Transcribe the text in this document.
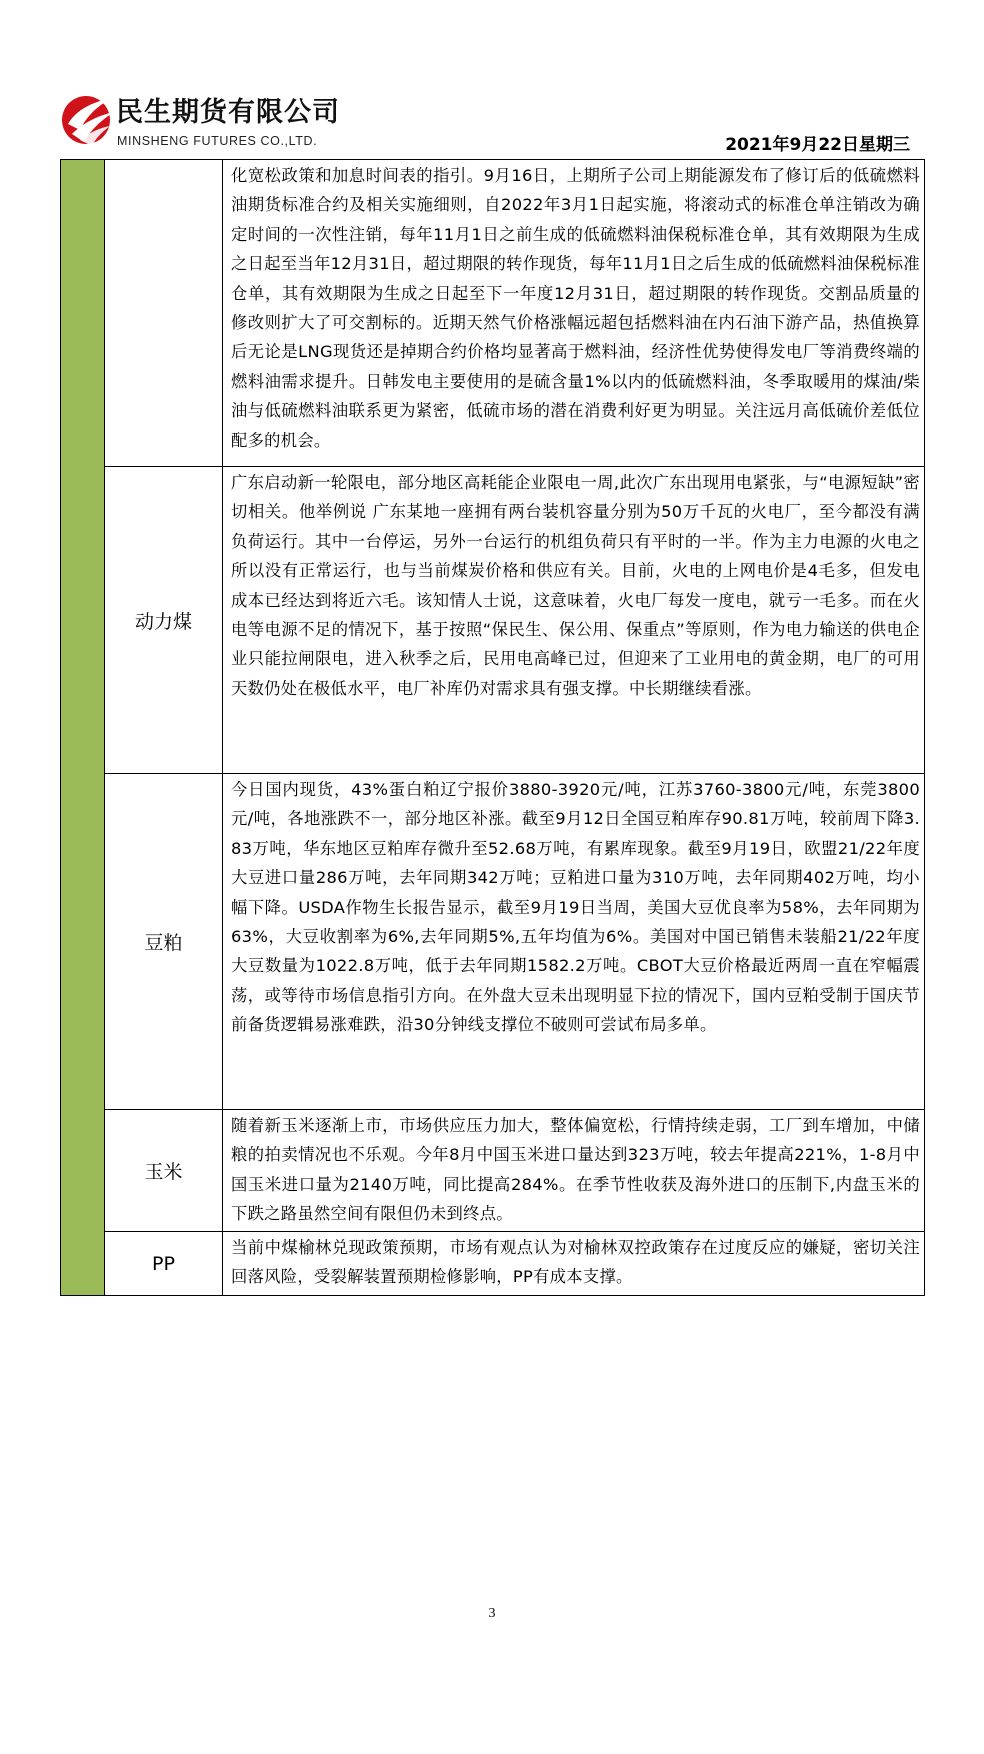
民生期货有限公司
MINSHENG FUTURES CO.,LTD.	2021年9月22日星期三
		化宽松政策和加息时间表的指引。9月16日，上期所子公司上期能源发布了修订后的低硫燃料油期货标准合约及相关实施细则，自2022年3月1日起实施，将滚动式的标准仓单注销改为确定时间的一次性注销，每年11月1日之前生成的低硫燃料油保税标准仓单，其有效期限为生成之日起至当年12月31日，超过期限的转作现货，每年11月1日之后生成的低硫燃料油保税标准仓单，其有效期限为生成之日起至下一年度12月31日，超过期限的转作现货。交割品质量的修改则扩大了可交割标的。近期天然气价格涨幅远超包括燃料油在内石油下游产品，热值换算后无论是LNG现货还是掉期合约价格均显著高于燃料油，经济性优势使得发电厂等消费终端的燃料油需求提升。日韩发电主要使用的是硫含量1%以内的低硫燃料油，冬季取暖用的煤油/柴油与低硫燃料油联系更为紧密，低硫市场的潜在消费利好更为明显。关注远月高低硫价差低位配多的机会。
	动力煤	广东启动新一轮限电，部分地区高耗能企业限电一周,此次广东出现用电紧张，与“电源短缺”密切相关。他举例说 广东某地一座拥有两台装机容量分别为50万千瓦的火电厂，至今都没有满负荷运行。其中一台停运，另外一台运行的机组负荷只有平时的一半。作为主力电源的火电之所以没有正常运行，也与当前煤炭价格和供应有关。目前，火电的上网电价是4毛多，但发电成本已经达到将近六毛。该知情人士说，这意味着，火电厂每发一度电，就亏一毛多。而在火电等电源不足的情况下，基于按照“保民生、保公用、保重点”等原则，作为电力输送的供电企业只能拉闸限电，进入秋季之后，民用电高峰已过，但迎来了工业用电的黄金期，电厂的可用天数仍处在极低水平，电厂补库仍对需求具有强支撑。中长期继续看涨。
	豆粕	今日国内现货，43%蛋白粕辽宁报价3880-3920元/吨，江苏3760-3800元/吨，东莞3800元/吨，各地涨跌不一，部分地区补涨。截至9月12日全国豆粕库存90.81万吨，较前周下降3.83万吨，华东地区豆粕库存微升至52.68万吨，有累库现象。截至9月19日，欧盟21/22年度大豆进口量286万吨，去年同期342万吨；豆粕进口量为310万吨，去年同期402万吨，均小幅下降。USDA作物生长报告显示，截至9月19日当周，美国大豆优良率为58%，去年同期为63%，大豆收割率为6%,去年同期5%,五年均值为6%。美国对中国已销售未装船21/22年度大豆数量为1022.8万吨，低于去年同期1582.2万吨。CBOT大豆价格最近两周一直在窄幅震荡，或等待市场信息指引方向。在外盘大豆未出现明显下拉的情况下，国内豆粕受制于国庆节前备货逻辑易涨难跌，沿30分钟线支撑位不破则可尝试布局多单。
	玉米	随着新玉米逐渐上市，市场供应压力加大，整体偏宽松，行情持续走弱，工厂到车增加，中储粮的拍卖情况也不乐观。今年8月中国玉米进口量达到323万吨，较去年提高221%，1-8月中国玉米进口量为2140万吨，同比提高284%。在季节性收获及海外进口的压制下,内盘玉米的下跌之路虽然空间有限但仍未到终点。
	PP	当前中煤榆林兑现政策预期，市场有观点认为对榆林双控政策存在过度反应的嫌疑，密切关注回落风险，受裂解装置预期检修影响，PP有成本支撑。
3
